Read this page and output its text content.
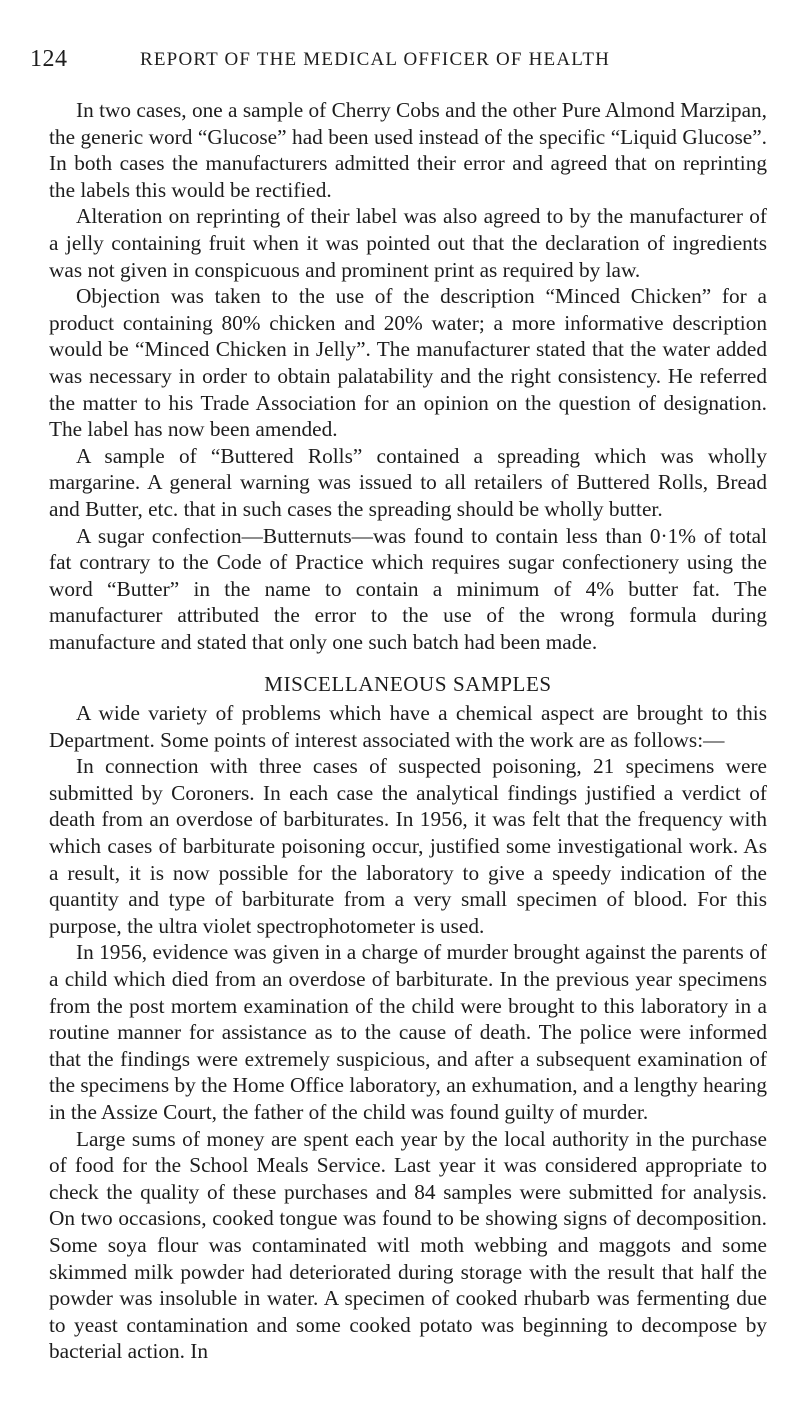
124	REPORT OF THE MEDICAL OFFICER OF HEALTH

In two cases, one a sample of Cherry Cobs and the other Pure Almond Marzipan, the generic word “Glucose” had been used instead of the specific “Liquid Glucose”. In both cases the manufacturers admitted their error and agreed that on reprinting the labels this would be rectified.

Alteration on reprinting of their label was also agreed to by the manufacturer of a jelly containing fruit when it was pointed out that the declaration of ingredients was not given in conspicuous and prominent print as required by law.

Objection was taken to the use of the description “Minced Chicken” for a product containing 80% chicken and 20% water; a more informative description would be “Minced Chicken in Jelly”. The manufacturer stated that the water added was necessary in order to obtain palatability and the right consistency. He referred the matter to his Trade Association for an opinion on the question of designation. The label has now been amended.

A sample of “Buttered Rolls” contained a spreading which was wholly margarine. A general warning was issued to all retailers of Buttered Rolls, Bread and Butter, etc. that in such cases the spreading should be wholly butter.

A sugar confection—Butternuts—was found to contain less than 0·1% of total fat contrary to the Code of Practice which requires sugar confectionery using the word “Butter” in the name to contain a minimum of 4% butter fat. The manufacturer attributed the error to the use of the wrong formula during manufacture and stated that only one such batch had been made.

MISCELLANEOUS SAMPLES

A wide variety of problems which have a chemical aspect are brought to this Department. Some points of interest associated with the work are as follows:—

In connection with three cases of suspected poisoning, 21 specimens were submitted by Coroners. In each case the analytical findings justified a verdict of death from an overdose of barbiturates. In 1956, it was felt that the frequency with which cases of barbiturate poisoning occur, justified some investigational work. As a result, it is now possible for the laboratory to give a speedy indication of the quantity and type of barbiturate from a very small specimen of blood. For this purpose, the ultra violet spectrophotometer is used.

In 1956, evidence was given in a charge of murder brought against the parents of a child which died from an overdose of barbiturate. In the previous year specimens from the post mortem examination of the child were brought to this laboratory in a routine manner for assistance as to the cause of death. The police were informed that the findings were extremely suspicious, and after a subsequent examination of the specimens by the Home Office laboratory, an exhumation, and a lengthy hearing in the Assize Court, the father of the child was found guilty of murder.

Large sums of money are spent each year by the local authority in the purchase of food for the School Meals Service. Last year it was considered appropriate to check the quality of these purchases and 84 samples were submitted for analysis. On two occasions, cooked tongue was found to be showing signs of decomposition. Some soya flour was contaminated witl moth webbing and maggots and some skimmed milk powder had deteriorated during storage with the result that half the powder was insoluble in water. A specimen of cooked rhubarb was fermenting due to yeast contamination and some cooked potato was beginning to decompose by bacterial action. In
